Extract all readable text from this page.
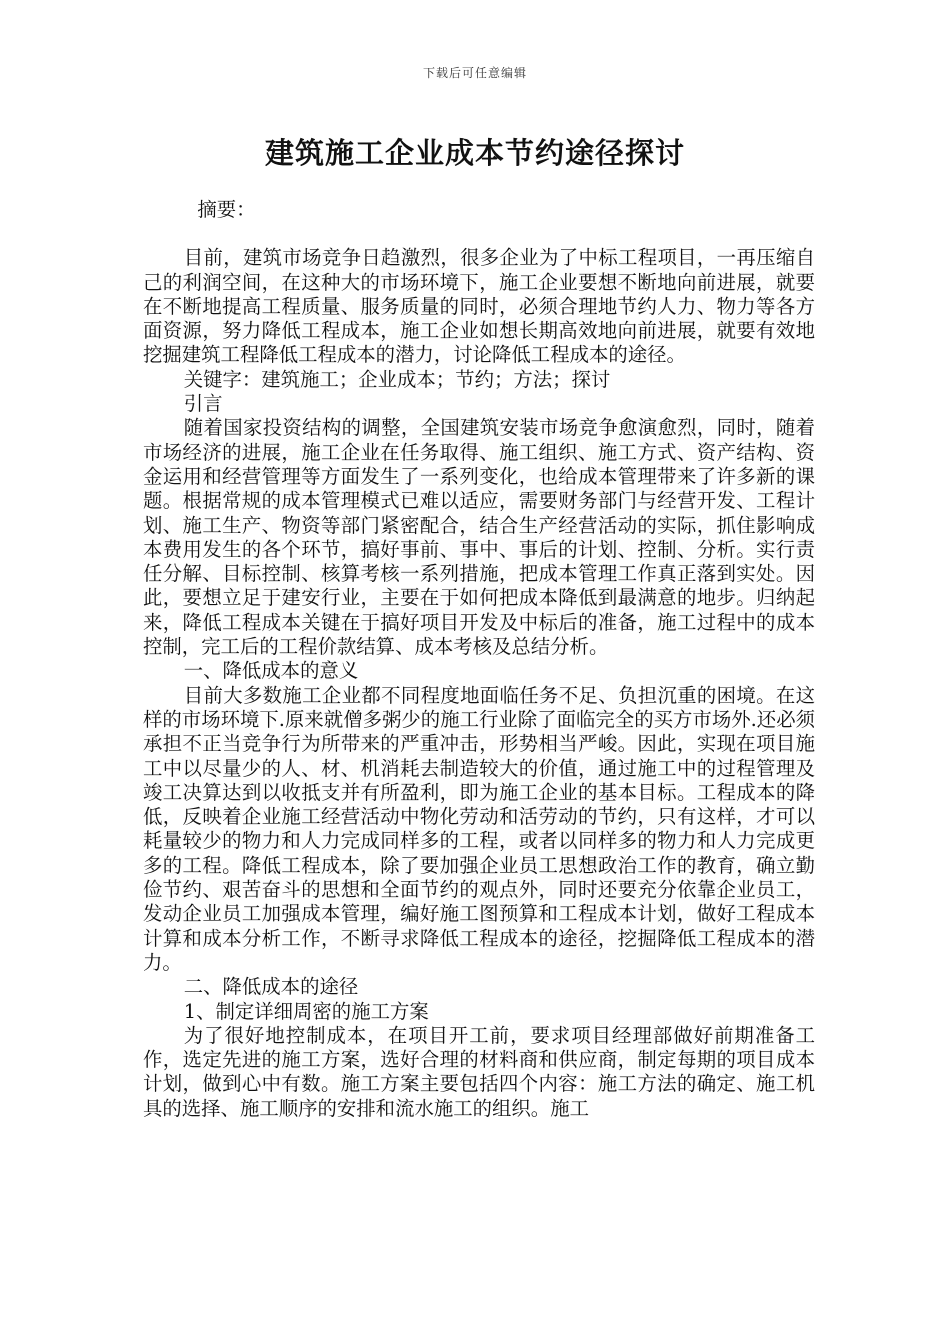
下载后可任意编辑
建筑施工企业成本节约途径探讨

摘要：

目前，建筑市场竞争日趋激烈，很多企业为了中标工程项目，一再压缩自己的利润空间，在这种大的市场环境下，施工企业要想不断地向前进展，就要在不断地提高工程质量、服务质量的同时，必须合理地节约人力、物力等各方面资源，努力降低工程成本，施工企业如想长期高效地向前进展，就要有效地挖掘建筑工程降低工程成本的潜力，讨论降低工程成本的途径。

关键字：建筑施工；企业成本；节约；方法；探讨

引言

随着国家投资结构的调整，全国建筑安装市场竞争愈演愈烈，同时，随着市场经济的进展，施工企业在任务取得、施工组织、施工方式、资产结构、资金运用和经营管理等方面发生了一系列变化，也给成本管理带来了许多新的课题。根据常规的成本管理模式已难以适应，需要财务部门与经营开发、工程计划、施工生产、物资等部门紧密配合，结合生产经营活动的实际，抓住影响成本费用发生的各个环节，搞好事前、事中、事后的计划、控制、分析。实行责任分解、目标控制、核算考核一系列措施，把成本管理工作真正落到实处。因此，要想立足于建安行业，主要在于如何把成本降低到最满意的地步。归纳起来，降低工程成本关键在于搞好项目开发及中标后的准备，施工过程中的成本控制，完工后的工程价款结算、成本考核及总结分析。

一、降低成本的意义

目前大多数施工企业都不同程度地面临任务不足、负担沉重的困境。在这样的市场环境下.原来就僧多粥少的施工行业除了面临完全的买方市场外.还必须承担不正当竞争行为所带来的严重冲击，形势相当严峻。因此，实现在项目施工中以尽量少的人、材、机消耗去制造较大的价值，通过施工中的过程管理及竣工决算达到以收抵支并有所盈利，即为施工企业的基本目标。工程成本的降低，反映着企业施工经营活动中物化劳动和活劳动的节约，只有这样，才可以耗量较少的物力和人力完成同样多的工程，或者以同样多的物力和人力完成更多的工程。降低工程成本，除了要加强企业员工思想政治工作的教育，确立勤俭节约、艰苦奋斗的思想和全面节约的观点外，同时还要充分依靠企业员工，发动企业员工加强成本管理，编好施工图预算和工程成本计划，做好工程成本计算和成本分析工作，不断寻求降低工程成本的途径，挖掘降低工程成本的潜力。

二、降低成本的途径

1、制定详细周密的施工方案

为了很好地控制成本，在项目开工前，要求项目经理部做好前期准备工作，选定先进的施工方案，选好合理的材料商和供应商，制定每期的项目成本计划，做到心中有数。施工方案主要包括四个内容：施工方法的确定、施工机具的选择、施工顺序的安排和流水施工的组织。施工
